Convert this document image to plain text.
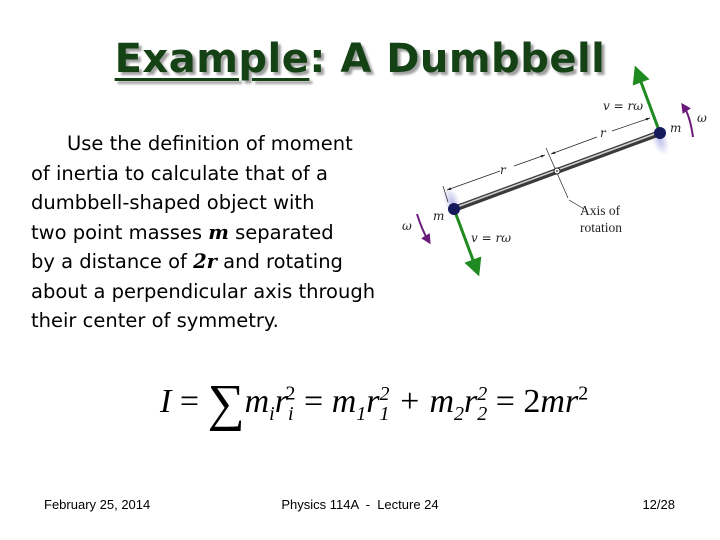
Example: A Dumbbell
Use the definition of moment
of inertia to calculate that of a
dumbbell-shaped object with
two point masses m separated
by a distance of 2r and rotating
about a perpendicular axis through
their center of symmetry.
v = rω
v = rω
m
m
ω
ω
r
r
Axis of
rotation
$I = \sum m_ir_i^2 = m_1r_1^2 + m_2r_2^2 = 2mr^2$
February 25, 2014	Physics 114A  -  Lecture 24	12/28
